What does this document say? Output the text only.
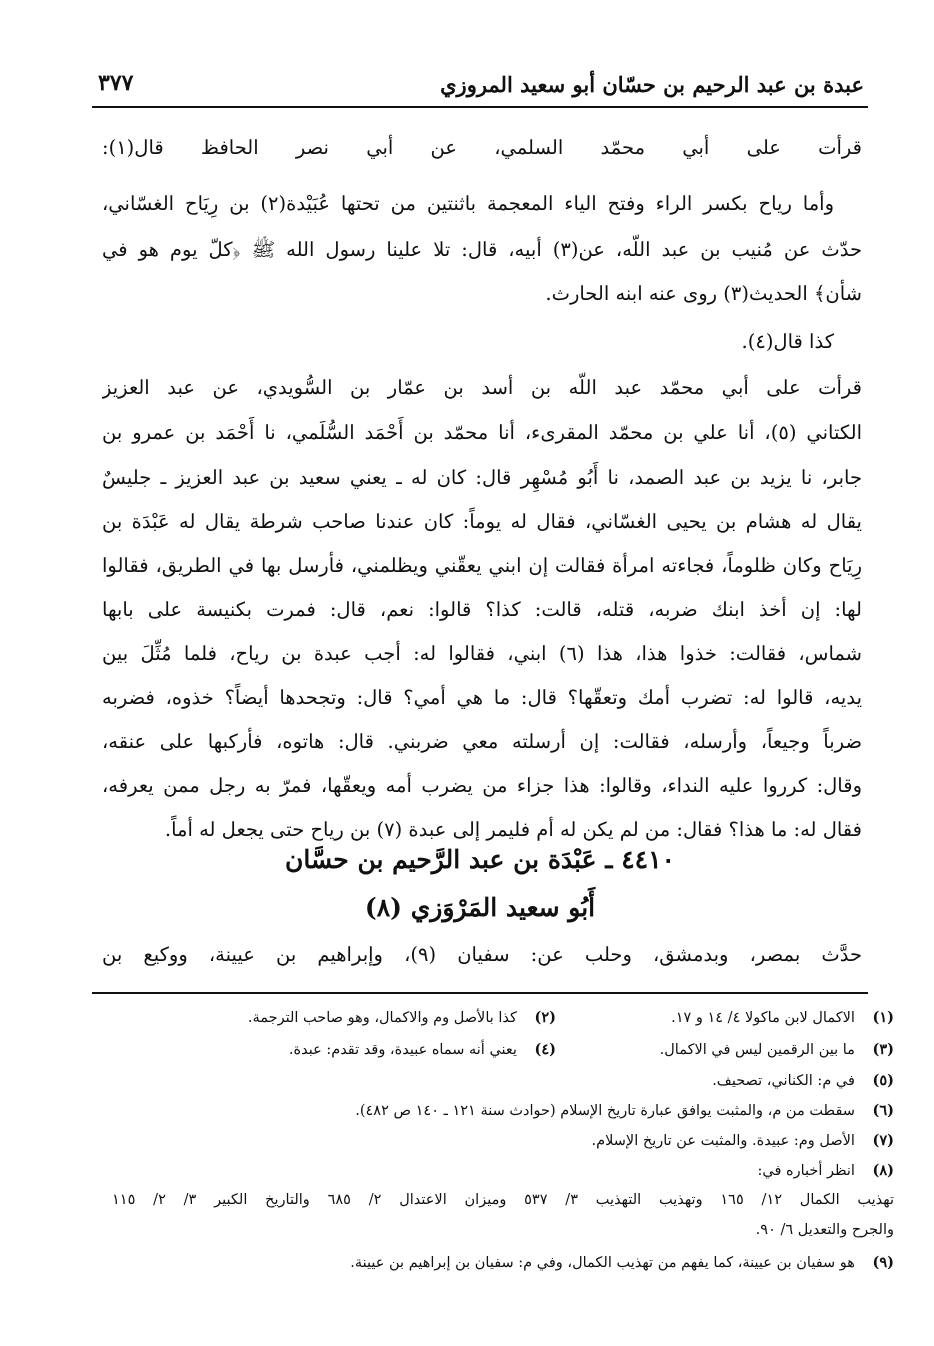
عبدة بن عبد الرحيم بن حسّان أبو سعيد المروزي
٣٧٧
قرأت على أبي محمّد السلمي، عن أبي نصر الحافظ قال(١):
وأما رياح بكسر الراء وفتح الياء المعجمة باثنتين من تحتها عُبَيْدة(٢) بن رِيَاح الغسّاني،
حدّث عن مُنيب بن عبد اللّه، عن(٣) أبيه، قال: تلا علينا رسول الله ﷺ ﴿كلّ يوم هو في
شأن﴾ الحديث(٣) روى عنه ابنه الحارث.
كذا قال(٤).
قرأت على أبي محمّد عبد اللّه بن أسد بن عمّار بن السُّويدي، عن عبد العزيز
الكتاني (٥)، أنا علي بن محمّد المقرىء، أنا محمّد بن أَحْمَد السُّلَمي، نا أَحْمَد بن عمرو بن
جابر، نا يزيد بن عبد الصمد، نا أَبُو مُسْهِر قال: كان له ـ يعني سعيد بن عبد العزيز ـ جليسٌ
يقال له هشام بن يحيى الغسّاني، فقال له يوماً: كان عندنا صاحب شرطة يقال له عَبْدَة بن
رِيَاح وكان ظلوماً، فجاءته امرأة فقالت إن ابني يعقّني ويظلمني، فأرسل بها في الطريق، فقالوا
لها: إن أخذ ابنك ضربه، قتله، قالت: كذا؟ قالوا: نعم، قال: فمرت بكنيسة على بابها
شماس، فقالت: خذوا هذا، هذا (٦) ابني، فقالوا له: أجب عبدة بن رياح، فلما مُثِّلَ بين
يديه، قالوا له: تضرب أمك وتعقّها؟ قال: ما هي أمي؟ قال: وتجحدها أيضاً؟ خذوه، فضربه
ضرباً وجيعاً، وأرسله، فقالت: إن أرسلته معي ضربني. قال: هاتوه، فأركبها على عنقه،
وقال: كرروا عليه النداء، وقالوا: هذا جزاء من يضرب أمه ويعقّها، فمرّ به رجل ممن يعرفه،
فقال له: ما هذا؟ فقال: من لم يكن له أم فليمر إلى عبدة (٧) بن رياح حتى يجعل له أماً.
٤٤١٠ ـ عَبْدَة بن عبد الرَّحيم بن حسَّان
أَبُو سعيد المَرْوَزي (٨)
حدَّث بمصر، وبدمشق، وحلب عن: سفيان (٩)، وإبراهيم بن عيينة، ووكيع بن
(١) الاكمال لابن ماكولا ٤/ ١٤ و ١٧.
(٢) كذا بالأصل وم والاكمال، وهو صاحب الترجمة.
(٣) ما بين الرقمين ليس في الاكمال.
(٤) يعني أنه سماه عبيدة، وقد تقدم: عبدة.
(٥) في م: الكناني، تصحيف.
(٦) سقطت من م، والمثبت يوافق عبارة تاريخ الإسلام (حوادث سنة ١٢١ ـ ١٤٠ ص ٤٨٢).
(٧) الأصل وم: عبيدة. والمثبت عن تاريخ الإسلام.
(٨) انظر أخباره في:
تهذيب الكمال ١٢/ ١٦٥ وتهذيب التهذيب ٣/ ٥٣٧ وميزان الاعتدال ٢/ ٦٨٥ والتاريخ الكبير ٣/ ٢/ ١١٥
والجرح والتعديل ٦/ ٩٠.
(٩) هو سفيان بن عيينة، كما يفهم من تهذيب الكمال، وفي م: سفيان بن إبراهيم بن عيينة.
